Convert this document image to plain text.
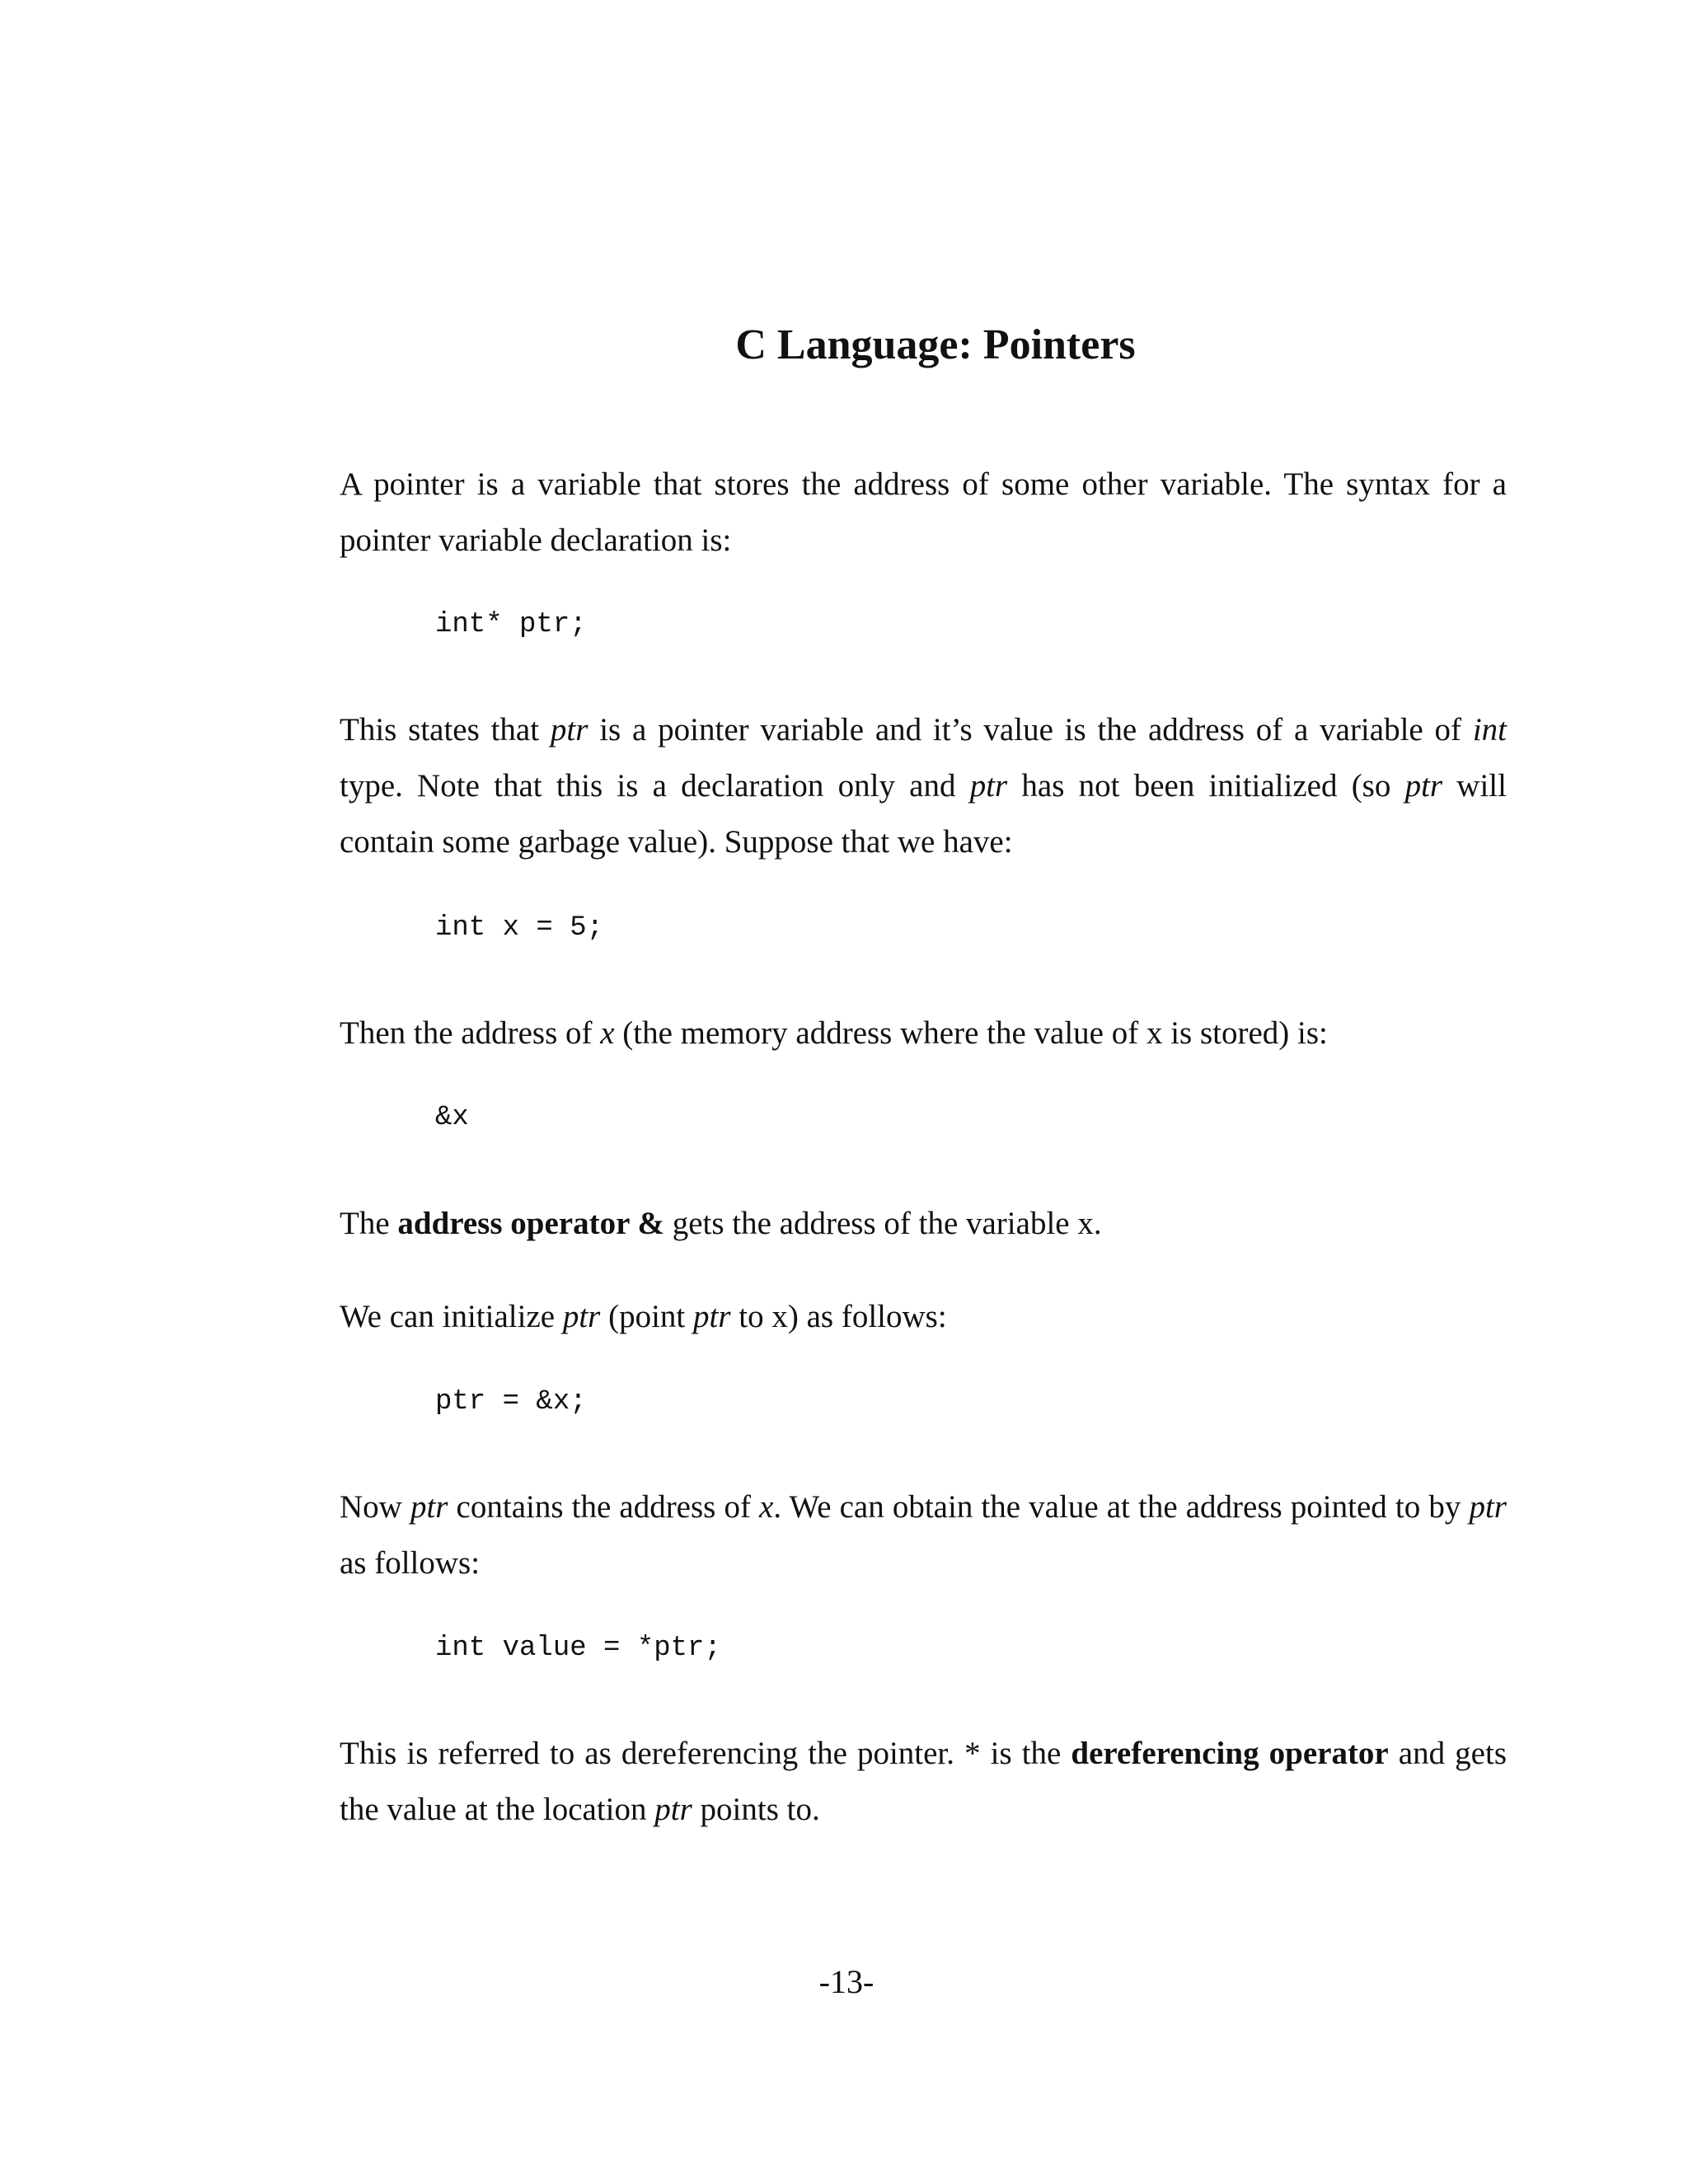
C Language: Pointers

A pointer is a variable that stores the address of some other variable. The syntax for a pointer variable declaration is:

int* ptr;

This states that ptr is a pointer variable and it’s value is the address of a variable of int type. Note that this is a declaration only and ptr has not been initialized (so ptr will contain some garbage value). Suppose that we have:

int x = 5;

Then the address of x (the memory address where the value of x is stored) is:

&x

The address operator & gets the address of the variable x.

We can initialize ptr (point ptr to x) as follows:

ptr = &x;

Now ptr contains the address of x. We can obtain the value at the address pointed to by ptr as follows:

int value = *ptr;

This is referred to as dereferencing the pointer. * is the dereferencing operator and gets the value at the location ptr points to.

-13-
